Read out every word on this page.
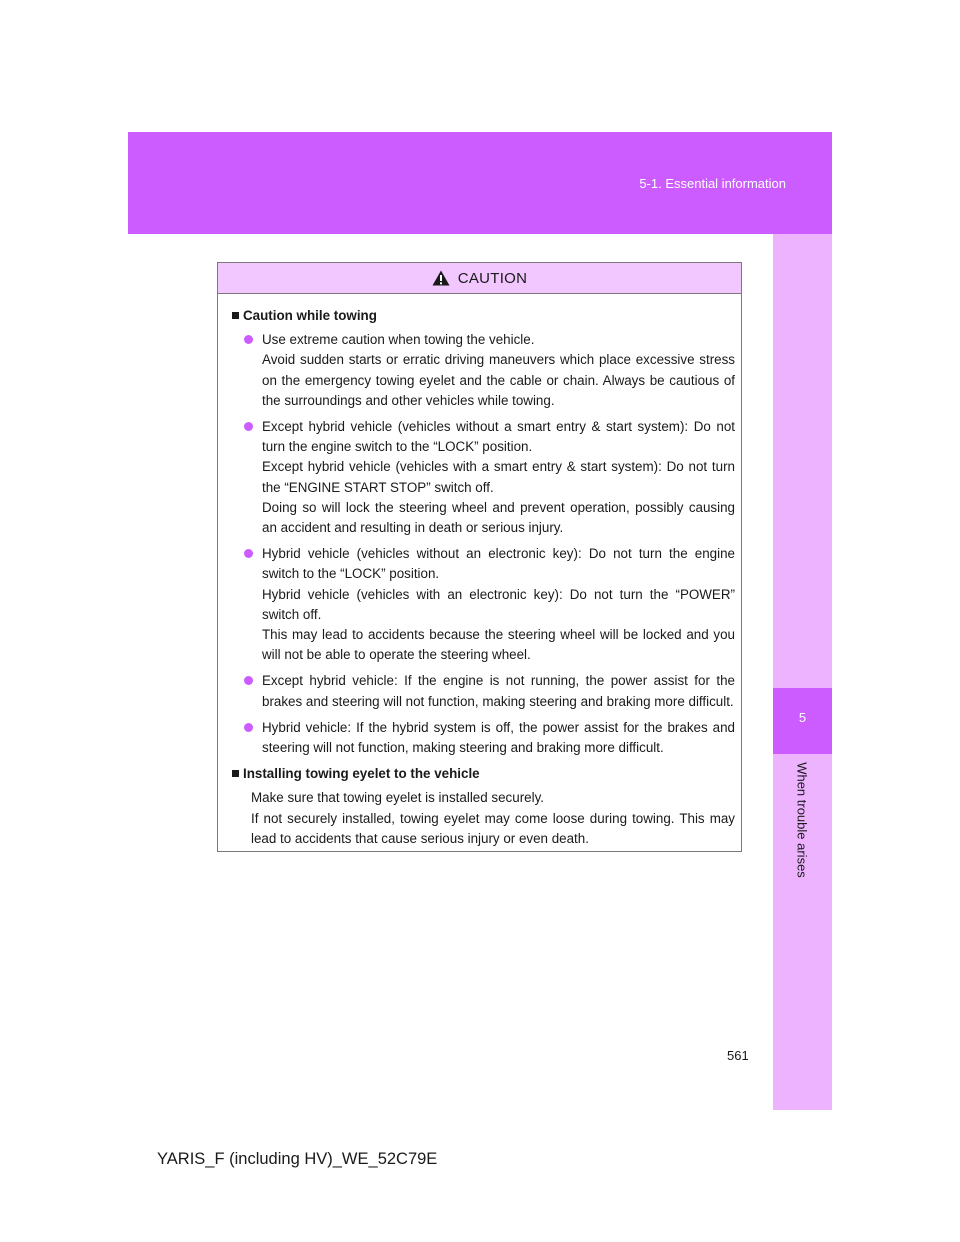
5-1. Essential information
5
When trouble arises
CAUTION
Caution while towing

Use extreme caution when towing the vehicle.

Avoid sudden starts or erratic driving maneuvers which place excessive stress on the emergency towing eyelet and the cable or chain. Always be cautious of the surroundings and other vehicles while towing.

Except hybrid vehicle (vehicles without a smart entry & start system): Do not turn the engine switch to the “LOCK” position.

Except hybrid vehicle (vehicles with a smart entry & start system): Do not turn the “ENGINE START STOP” switch off.

Doing so will lock the steering wheel and prevent operation, possibly causing an accident and resulting in death or serious injury.

Hybrid vehicle (vehicles without an electronic key): Do not turn the engine switch to the “LOCK” position.

Hybrid vehicle (vehicles with an electronic key): Do not turn the “POWER” switch off.

This may lead to accidents because the steering wheel will be locked and you will not be able to operate the steering wheel.

Except hybrid vehicle: If the engine is not running, the power assist for the brakes and steering will not function, making steering and braking more difficult.

Hybrid vehicle: If the hybrid system is off, the power assist for the brakes and steering will not function, making steering and braking more difficult.

Installing towing eyelet to the vehicle

Make sure that towing eyelet is installed securely.

If not securely installed, towing eyelet may come loose during towing. This may lead to accidents that cause serious injury or even death.

561
YARIS_F (including HV)_WE_52C79E
